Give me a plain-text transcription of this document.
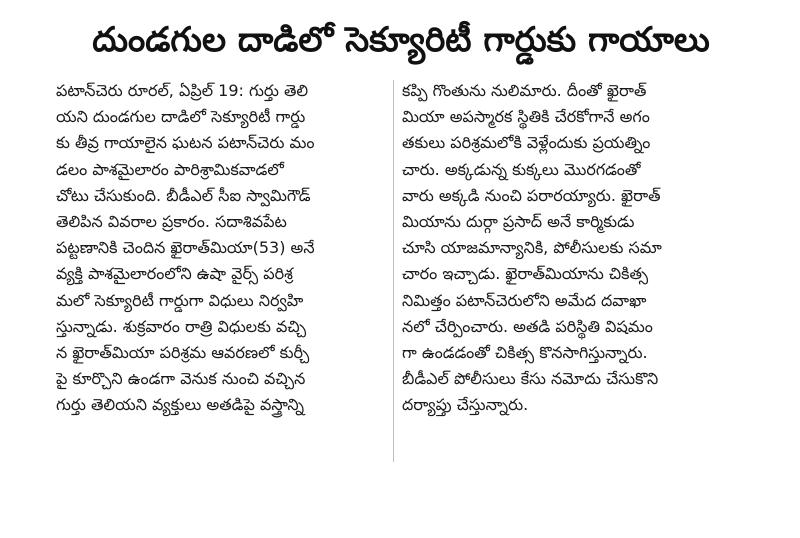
దుండగుల దాడిలో సెక్యూరిటీ గార్డుకు గాయాలు
పటాన్‌చెరు రూరల్, ఏప్రిల్ 19: గుర్తు తెలి
యని దుండగుల దాడిలో సెక్యూరిటీ గార్డు
కు తీవ్ర గాయాలైన ఘటన పటాన్‌చెరు మం
డలం పాశమైలారం పారిశ్రామికవాడలో
చోటు చేసుకుంది. బీడీఎల్ సీఐ స్వామిగౌడ్
తెలిపిన వివరాల ప్రకారం. సదాశివపేట
పట్టణానికి చెందిన ఖైరాత్‌మియా(53) అనే
వ్యక్తి పాశమైలారంలోని ఉషా వైర్స్ పరిశ్ర
మలో సెక్యూరిటీ గార్డుగా విధులు నిర్వహి
స్తున్నాడు. శుక్రవారం రాత్రి విధులకు వచ్చి
న ఖైరాత్‌మియా పరిశ్రమ ఆవరణలో కుర్చీ
పై కూర్చొని ఉండగా వెనుక నుంచి వచ్చిన
గుర్తు తెలియని వ్యక్తులు అతడిపై వస్త్రాన్ని
కప్పి గొంతును నులిమారు. దీంతో ఖైరాత్
మియా అపస్మారక స్థితికి చేరకోగానే అగం
తకులు పరిశ్రమలోకి వెళ్లేందుకు ప్రయత్నిం
చారు. అక్కడున్న కుక్కలు మొరగడంతో
వారు అక్కడి నుంచి పరారయ్యారు. ఖైరాత్
మియాను దుర్గా ప్రసాద్ అనే కార్మికుడు
చూసి యాజమాన్యానికి, పోలీసులకు సమా
చారం ఇచ్చాడు. ఖైరాత్‌మియాను చికిత్స
నిమిత్తం పటాన్‌చెరులోని అమేద దవాఖా
నలో చేర్పించారు. అతడి పరిస్థితి విషమం
గా ఉండడంతో చికిత్స కొనసాగిస్తున్నారు.
బీడీఎల్ పోలీసులు కేసు నమోదు చేసుకొని
దర్యాప్తు చేస్తున్నారు.
